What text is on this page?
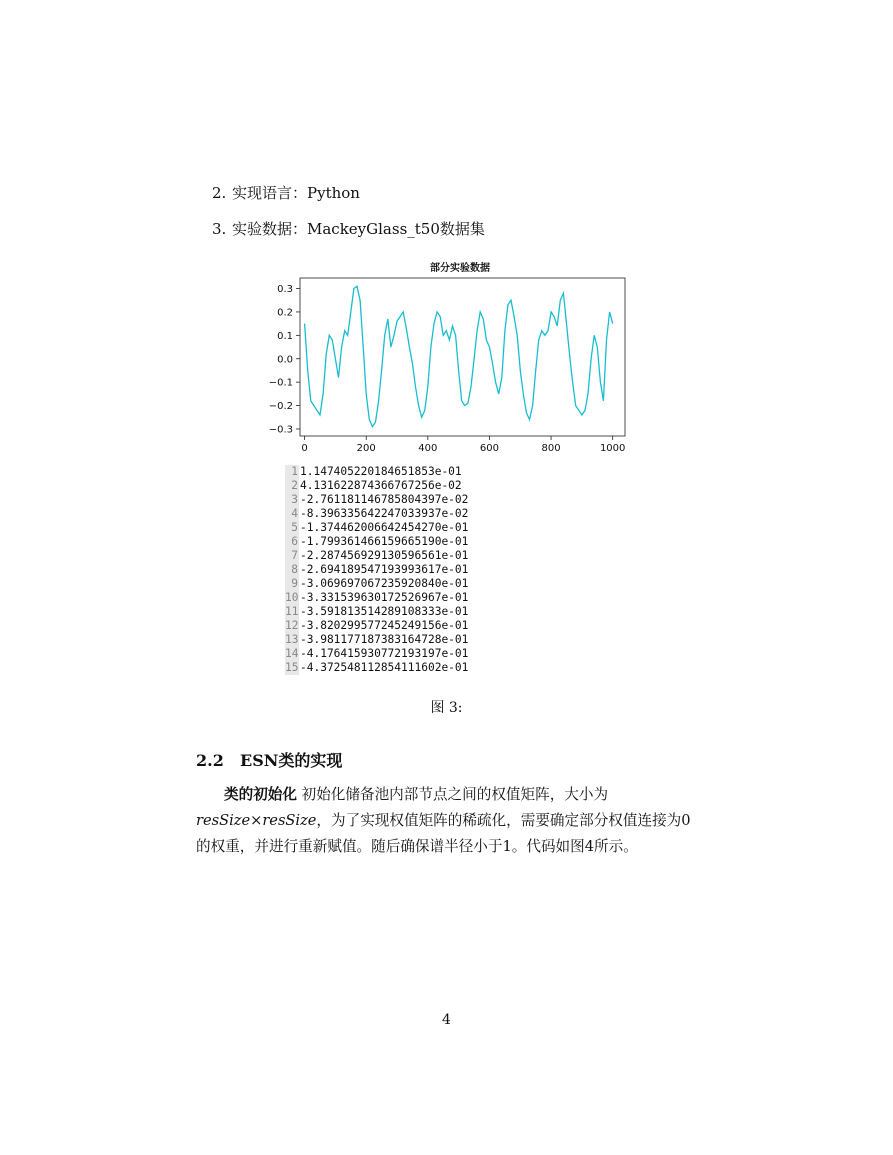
2. 实现语言：Python
3. 实验数据：MackeyGlass_t50数据集
部分实验数据
0	200	400	600	800	1000
0.3
0.2
0.1
0.0
−0.1
−0.2
−0.3
1 1.147405220184651853e-01
2 4.131622874366767256e-02
3 -2.761181146785804397e-02
4 -8.396335642247033937e-02
5 -1.374462006642454270e-01
6 -1.799361466159665190e-01
7 -2.287456929130596561e-01
8 -2.694189547193993617e-01
9 -3.069697067235920840e-01
10 -3.331539630172526967e-01
11 -3.591813514289108333e-01
12 -3.820299577245249156e-01
13 -3.981177187383164728e-01
14 -4.176415930772193197e-01
15 -4.372548112854111602e-01
图 3:
2.2 ESN类的实现
类的初始化 初始化储备池内部节点之间的权值矩阵，大小为 resSize×resSize，为了实现权值矩阵的稀疏化，需要确定部分权值连接为0的权重，并进行重新赋值。随后确保谱半径小于1。代码如图4所示。
4
